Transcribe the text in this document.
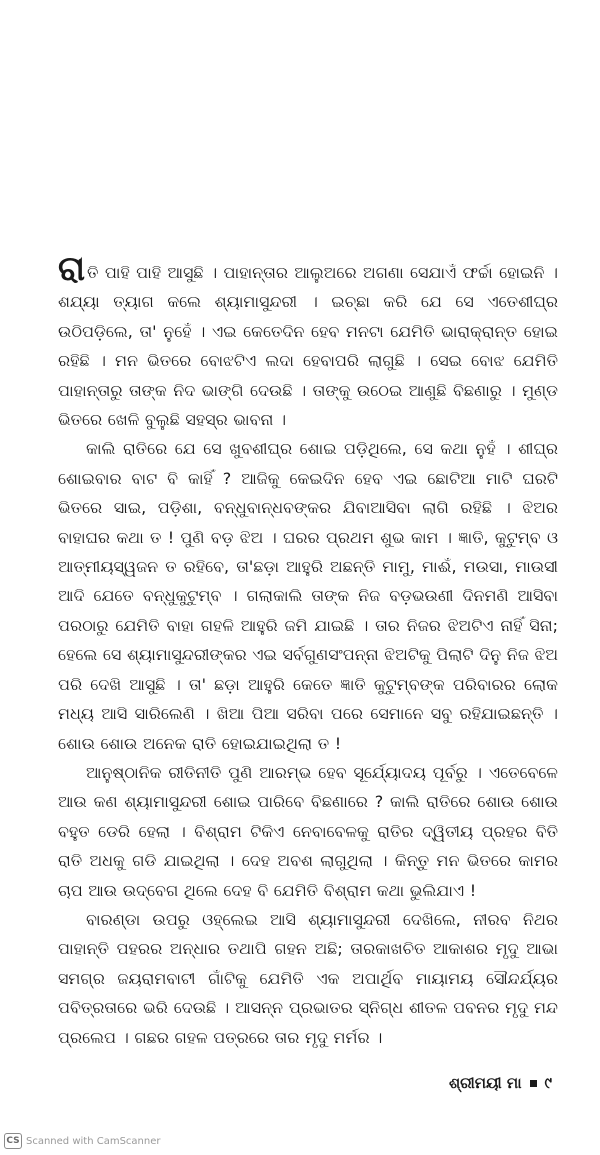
ରାତି ପାହି ପାହି ଆସୁଛି । ପାହାନ୍ତାର ଆଲୁଅରେ ଅଗଣା ସେଯାଏଁ ଫର୍ଚ୍ଚା ହୋଇନି । ଶଯ୍ୟା ତ୍ୟାଗ କଲେ ଶ୍ୟାମାସୁନ୍ଦରୀ । ଇଚ୍ଛା କରି ଯେ ସେ ଏତେଶୀଘ୍ର ଉଠିପଡ଼ିଲେ, ତା' ନୁହେଁ । ଏଇ କେତେଦିନ ହେବ ମନଟା ଯେମିତି ଭାରାକ୍ରାନ୍ତ ହୋଇ ରହିଛି । ମନ ଭିତରେ ବୋଝଟିଏ ଲଦା ହେବାପରି ଲାଗୁଛି । ସେଇ ବୋଝ ଯେମିତି ପାହାନ୍ତାରୁ ତାଙ୍କ ନିଦ ଭାଙ୍ଗି ଦେଉଛି । ତାଙ୍କୁ ଉଠେଇ ଆଣୁଛି ବିଛଣାରୁ । ମୁଣ୍ଡ ଭିତରେ ଖେଳି ବୁଲୁଛି ସହସ୍ର ଭାବନା ।

କାଲି ରାତିରେ ଯେ ସେ ଖୁବଶୀଘ୍ର ଶୋଇ ପଡ଼ିଥିଲେ, ସେ କଥା ନୁହଁ । ଶୀଘ୍ର ଶୋଇବାର ବାଟ ବି କାହିଁ ? ଆଜିକୁ କେଇଦିନ ହେବ ଏଇ ଛୋଟିଆ ମାଟି ଘରଟି ଭିତରେ ସାଇ, ପଡ଼ିଶା, ବନ୍ଧୁବାନ୍ଧବଙ୍କର ଯିବାଆସିବା ଲାଗି ରହିଛି । ଝିଅର ବାହାଘର କଥା ତ ! ପୁଣି ବଡ଼ ଝିଅ । ଘରର ପ୍ରଥମ ଶୁଭ କାମ । ଜ୍ଞାତି, କୁଟୁମ୍ବ ଓ ଆତ୍ମୀୟସ୍ୱଜନ ତ ରହିବେ, ତା'ଛଡ଼ା ଆହୁରି ଅଛନ୍ତି ମାମୁ, ମାଈଁ, ମଉସା, ମାଉସୀ ଆଦି ଯେତେ ବନ୍ଧୁକୁଟୁମ୍ବ । ଗଲାକାଲି ତାଙ୍କ ନିଜ ବଡ଼ଭଉଣୀ ଦିନମଣି ଆସିବା ପରଠାରୁ ଯେମିତି ବାହା ଗହଳି ଆହୁରି ଜମି ଯାଇଛି । ତାର ନିଜର ଝିଅଟିଏ ନାହିଁ ସିନା; ହେଲେ ସେ ଶ୍ୟାମାସୁନ୍ଦରୀଙ୍କର ଏଇ ସର୍ବଗୁଣସଂପନ୍ନା ଝିଅଟିକୁ ପିଲାଟି ଦିନୁ ନିଜ ଝିଅ ପରି ଦେଖି ଆସୁଛି । ତା' ଛଡ଼ା ଆହୁରି କେତେ ଜ୍ଞାତି କୁଟୁମ୍ବଙ୍କ ପରିବାରର ଲୋକ ମଧ୍ୟ ଆସି ସାରିଲେଣି । ଖିଆ ପିଆ ସରିବା ପରେ ସେମାନେ ସବୁ ରହିଯାଇଛନ୍ତି । ଶୋଉ ଶୋଉ ଅନେକ ରାତି ହୋଇଯାଇଥିଲା ତ !

ଆନୁଷ୍ଠାନିକ ରୀତିନୀତି ପୁଣି ଆରମ୍ଭ ହେବ ସୂର୍ଯ୍ୟୋଦୟ ପୂର୍ବରୁ । ଏତେବେଳେ ଆଉ କଣ ଶ୍ୟାମାସୁନ୍ଦରୀ ଶୋଇ ପାରିବେ ବିଛଣାରେ ? କାଲି ରାତିରେ ଶୋଉ ଶୋଉ ବହୁତ ଡେରି ହେଲା । ବିଶ୍ରାମ ଟିକିଏ ନେବାବେଳକୁ ରାତିର ଦ୍ୱିତୀୟ ପ୍ରହର ବିତି ରାତି ଅଧକୁ ଗଡି ଯାଇଥିଲା । ଦେହ ଅବଶ ଲାଗୁଥିଲା । କିନ୍ତୁ ମନ ଭିତରେ କାମର ଚାପ ଆଉ ଉଦ୍‌ବେଗ ଥିଲେ ଦେହ ବି ଯେମିତି ବିଶ୍ରାମ କଥା ଭୁଲିଯାଏ !

ବାରଣ୍ଡା ଉପରୁ ଓହ୍ଲେଇ ଆସି ଶ୍ୟାମାସୁନ୍ଦରୀ ଦେଖିଲେ, ନୀରବ ନିଥର ପାହାନ୍ତି ପହରର ଅନ୍ଧାର ତଥାପି ଗହନ ଅଛି; ତାରକାଖଚିତ ଆକାଶର ମୃଦୁ ଆଭା ସମଗ୍ର ଜୟରାମବାଟୀ ଗାଁଟିକୁ ଯେମିତି ଏକ ଅପାର୍ଥିବ ମାୟାମୟ ସୌନ୍ଦର୍ଯ୍ୟର ପବିତ୍ରତାରେ ଭରି ଦେଉଛି । ଆସନ୍ନ ପ୍ରଭାତର ସ୍ନିଗ୍ଧ ଶୀତଳ ପବନର ମୃଦୁ ମନ୍ଦ ପ୍ରଲେପ । ଗଛର ଗହଳ ପତ୍ରରେ ତାର ମୃଦୁ ମର୍ମର ।

ଶ୍ରୀମୟୀ ମା ୯
CS Scanned with CamScanner
